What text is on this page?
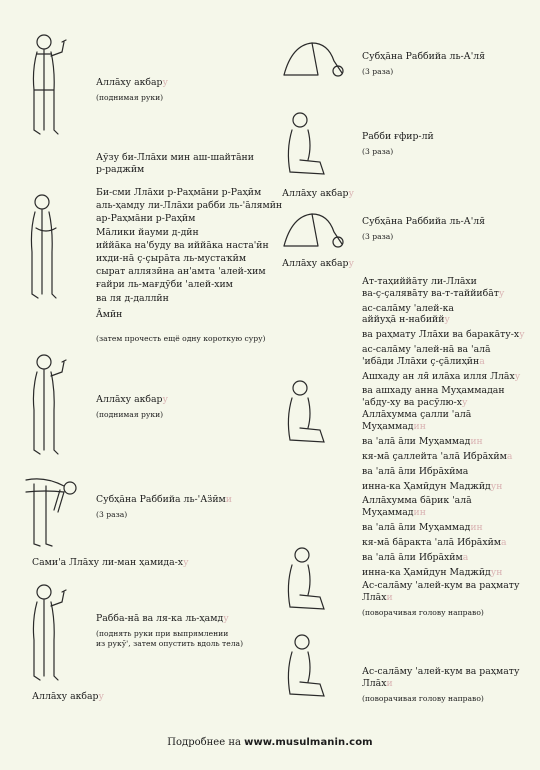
Аллāху акбару
(поднимая руки)
Аўзу би-Ллāхи мин аш-шайтāни
р-раджӣм
Би-сми Ллāхи р-Раҳмāни р-Раҳӣм
аль-ҳамду ли-Ллāхи рабби ль-'āлямӣн
ар-Раҳмāни р-Раҳӣм
Мāлики йауми д-дӣн
иййāка на'буду ва иййāка наста'ӣн
ихди-нā ç-çырāта ль-мустаҡӣм
сырат аллязӣна ан'амта 'алей-хим
ғайри ль-мағдӯби 'алей-хим
ва ля д-даллӣн
Āмӣн
(затем прочесть ещё одну короткую суру)
Аллāху акбару
(поднимая руки)
Субҳāна Раббийа ль-'Аӟӣми
(3 раза)
Сами'а Ллāху ли-ман ҳамида-ху
Рабба-нā ва ля-ка ль-ҳамду
(поднять руки при выпрямлении
из рукӯ', затем опустить вдоль тела)
Аллāху акбару
Субҳāна Раббийа ль-А'ля̄
(3 раза)
Рабби ғфир-лӣ
(3 раза)
Аллāху акбару
Субҳāна Раббийа ль-А'ля̄
(3 раза)
Аллāху акбару
Ат-таҳиййāту ли-Ллāхи
ва-ç-çалявāту ва-т-таййибāту
ас-салāму 'алей-ка
аййуҳā н-набиййу
ва раҳмату Ллāхи ва баракāту-ху
ас-салāму 'алей-нā ва 'алā
'ибāди Ллāхи ç-çāлиҳӣна
Ашхаду ан ля̄ илāха илля Ллāху
ва ашхаду анна Муҳаммадан
'абду-ху ва расӯлю-ху
Аллāхумма çалли 'алā
Муҳаммадин
ва 'алā āли Муҳаммадин
кя-мā çаллейта 'алā Ибрāхӣма
ва 'алā āли Ибрāхӣма
инна-ка Ҳамӣдун Маджӣдун
Аллāхумма бāрик 'алā
Муҳаммадин
ва 'алā āли Муҳаммадин
кя-мā бāракта 'алā Ибрāхӣма
ва 'алā āли Ибрāхӣма
инна-ка Ҳамӣдун Маджӣдун
Ас-салāму 'алей-кум ва раҳмату
Ллāхи
(поворачивая голову направо)
Ас-салāму 'алей-кум ва раҳмату
Ллāхи
(поворачивая голову направо)
Подробнее на www.musulmanin.com
